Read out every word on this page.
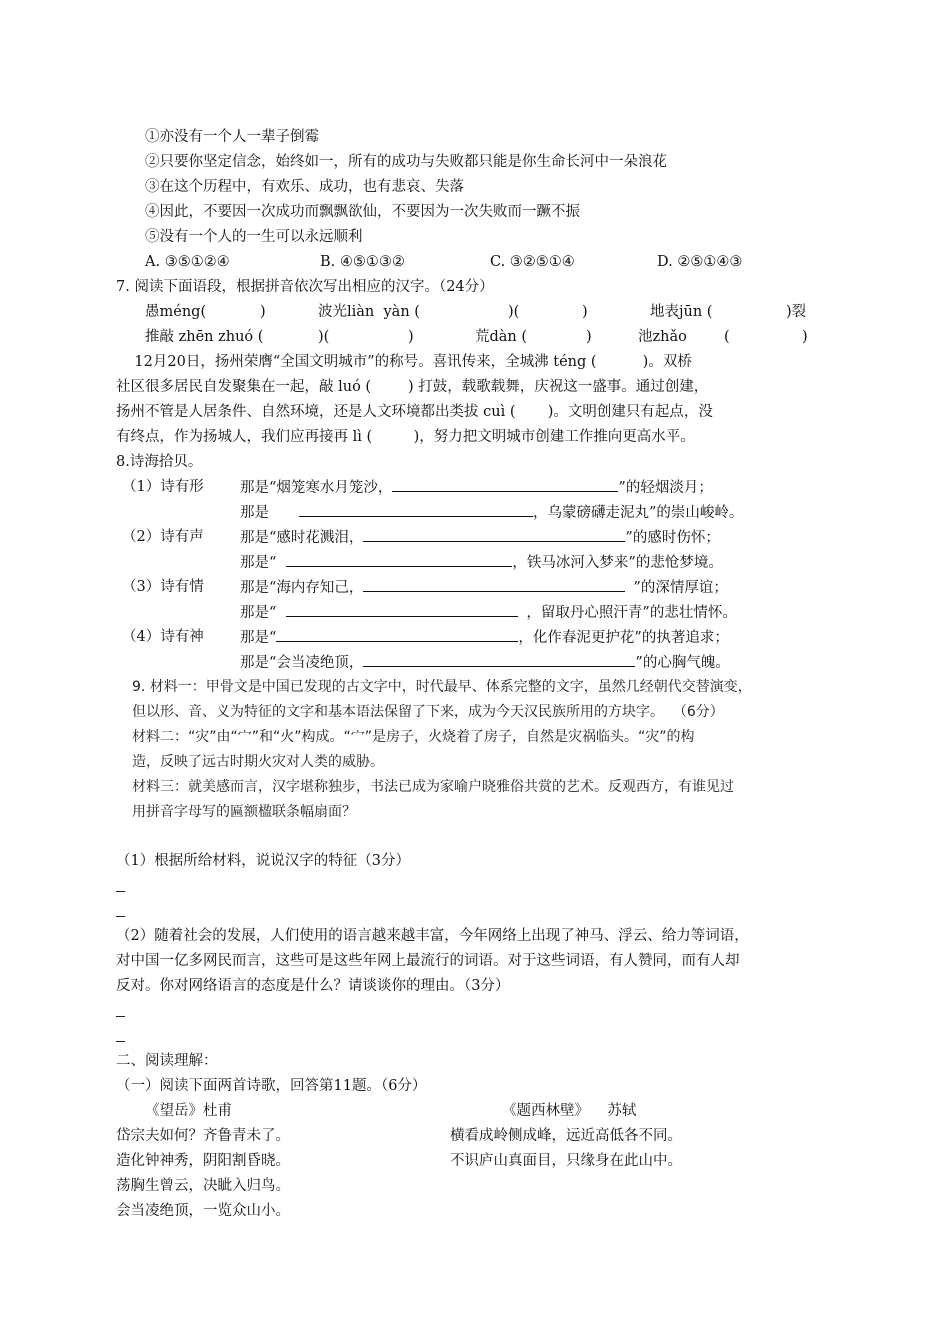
①亦没有一个人一辈子倒霉
②只要你坚定信念，始终如一，所有的成功与失败都只能是你生命长河中一朵浪花
③在这个历程中，有欢乐、成功，也有悲哀、失落
④因此，不要因一次成功而飘飘欲仙，不要因为一次失败而一蹶不振
⑤没有一个人的一生可以永远顺利
A. ③⑤①②④	B. ④⑤①③②	C. ③②⑤①④	D. ②⑤①④③
7. 阅读下面语段，根据拼音依次写出相应的汉字。（24分）
愚méng(	)	波光liàn  yàn (	)(	)	地表jūn (	)裂
推敲 zhēn zhuó (	)(	)	荒dàn (	)	池zhǎo	(	)
12月20日，扬州荣膺“全国文明城市”的称号。喜讯传来，全城沸 téng (          )。双桥
社区很多居民自发聚集在一起，敲 luó (        ) 打鼓，载歌载舞，庆祝这一盛事。通过创建，
扬州不管是人居条件、自然环境，还是人文环境都出类拔 cuì (       )。文明创建只有起点，没
有终点，作为扬城人，我们应再接再 lì (         )，努力把文明城市创建工作推向更高水平。
8.诗海拾贝。
（1）诗有形	那是“烟笼寒水月笼沙，	”的轻烟淡月；
那是	，乌蒙磅礴走泥丸”的崇山峻岭。
（2）诗有声	那是“感时花溅泪，	”的感时伤怀；
那是“	，铁马冰河入梦来”的悲怆梦境。
（3）诗有情	那是“海内存知己，	”的深情厚谊；
那是“	，留取丹心照汗青”的悲壮情怀。
（4）诗有神	那是“	，化作春泥更护花”的执著追求；
那是“会当凌绝顶，	”的心胸气魄。
9. 材料一：甲骨文是中国已发现的古文字中，时代最早、体系完整的文字，虽然几经朝代交替演变，
但以形、音、义为特征的文字和基本语法保留了下来，成为今天汉民族所用的方块字。  （6分）
材料二：“灾”由“宀”和“火”构成。“宀”是房子，火烧着了房子，自然是灾祸临头。“灾”的构
造，反映了远古时期火灾对人类的威胁。
材料三：就美感而言，汉字堪称独步，书法已成为家喻户晓雅俗共赏的艺术。反观西方，有谁见过
用拼音字母写的匾额楹联条幅扇面？
（1）根据所给材料，说说汉字的特征（3分）
（2）随着社会的发展，人们使用的语言越来越丰富，今年网络上出现了神马、浮云、给力等词语，
对中国一亿多网民而言，这些可是这些年网上最流行的词语。对于这些词语，有人赞同，而有人却
反对。你对网络语言的态度是什么？请谈谈你的理由。（3分）
二、阅读理解：
（一）阅读下面两首诗歌，回答第11题。（6分）
《望岳》杜甫
岱宗夫如何？齐鲁青未了。
造化钟神秀，阴阳割昏晓。
荡胸生曾云，决眦入归鸟。
会当凌绝顶，一览众山小。
《题西林壁》    苏轼
横看成岭侧成峰，远近高低各不同。
不识庐山真面目，只缘身在此山中。
